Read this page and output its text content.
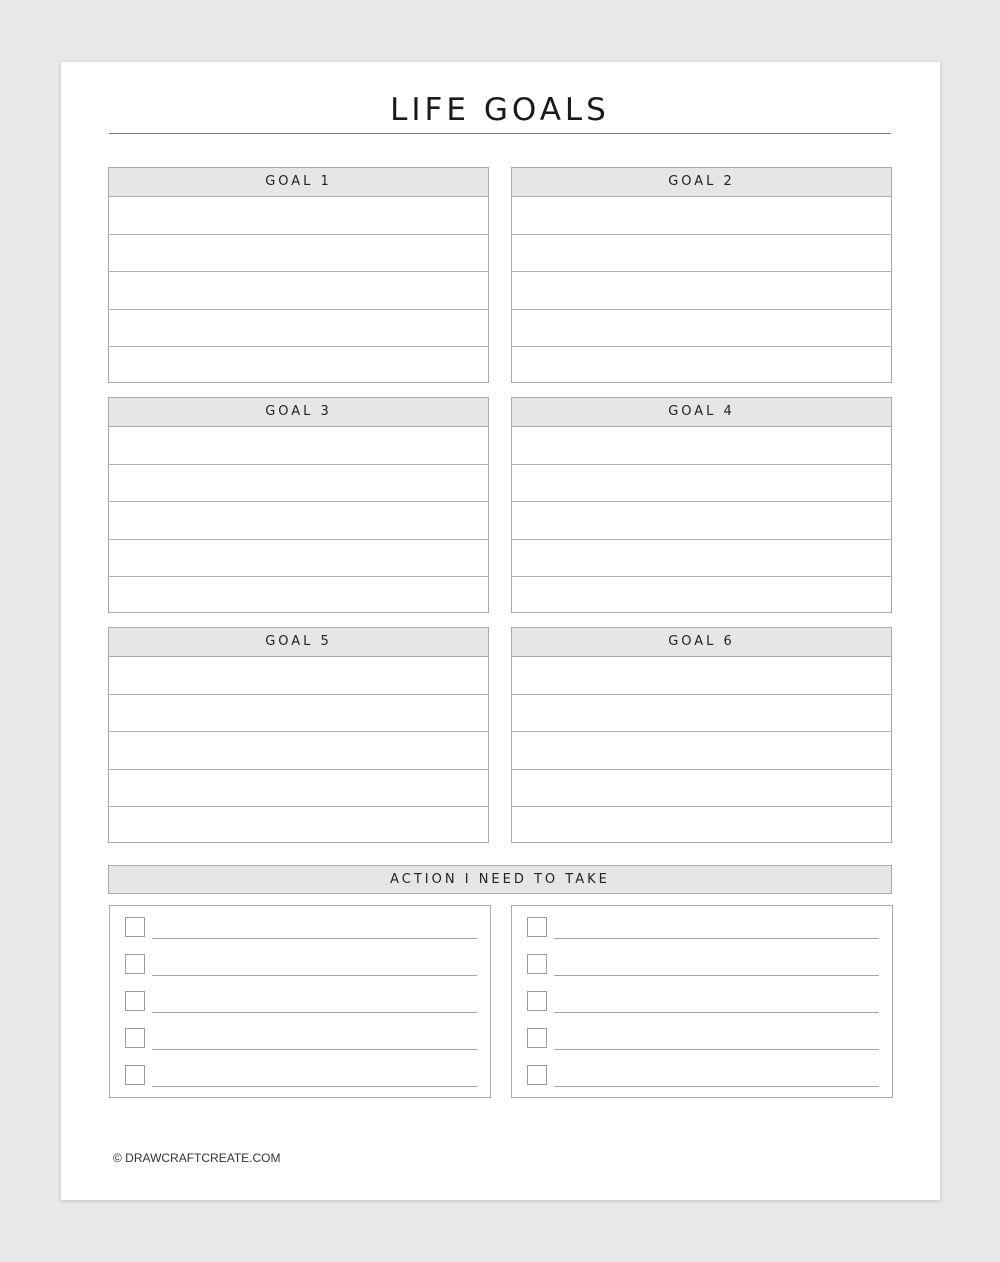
LIFE GOALS
GOAL 1	GOAL 2
GOAL 3	GOAL 4
GOAL 5	GOAL 6
ACTION I NEED TO TAKE
© DRAWCRAFTCREATE.COM
